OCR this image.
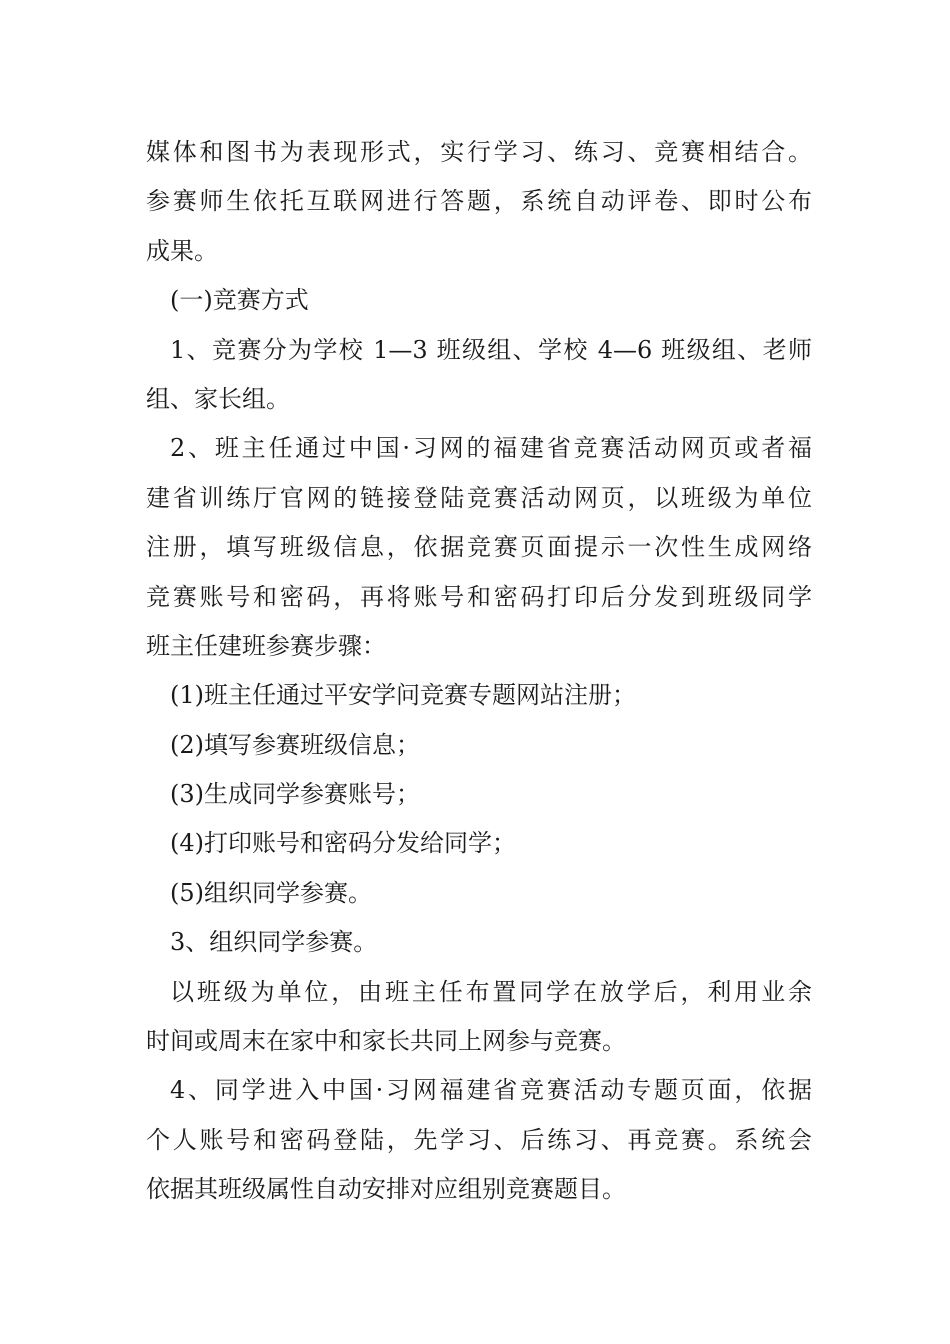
媒体和图书为表现形式，实行学习、练习、竞赛相结合。
参赛师生依托互联网进行答题，系统自动评卷、即时公布
成果。
(一)竞赛方式
1、竞赛分为学校 1—3 班级组、学校 4—6 班级组、老师
组、家长组。
2、班主任通过中国·习网的福建省竞赛活动网页或者福
建省训练厅官网的链接登陆竞赛活动网页，以班级为单位
注册，填写班级信息，依据竞赛页面提示一次性生成网络
竞赛账号和密码，再将账号和密码打印后分发到班级同学
班主任建班参赛步骤：
(1)班主任通过平安学问竞赛专题网站注册；
(2)填写参赛班级信息；
(3)生成同学参赛账号；
(4)打印账号和密码分发给同学；
(5)组织同学参赛。
3、组织同学参赛。
以班级为单位，由班主任布置同学在放学后，利用业余
时间或周末在家中和家长共同上网参与竞赛。
4、同学进入中国·习网福建省竞赛活动专题页面，依据
个人账号和密码登陆，先学习、后练习、再竞赛。系统会
依据其班级属性自动安排对应组别竞赛题目。
